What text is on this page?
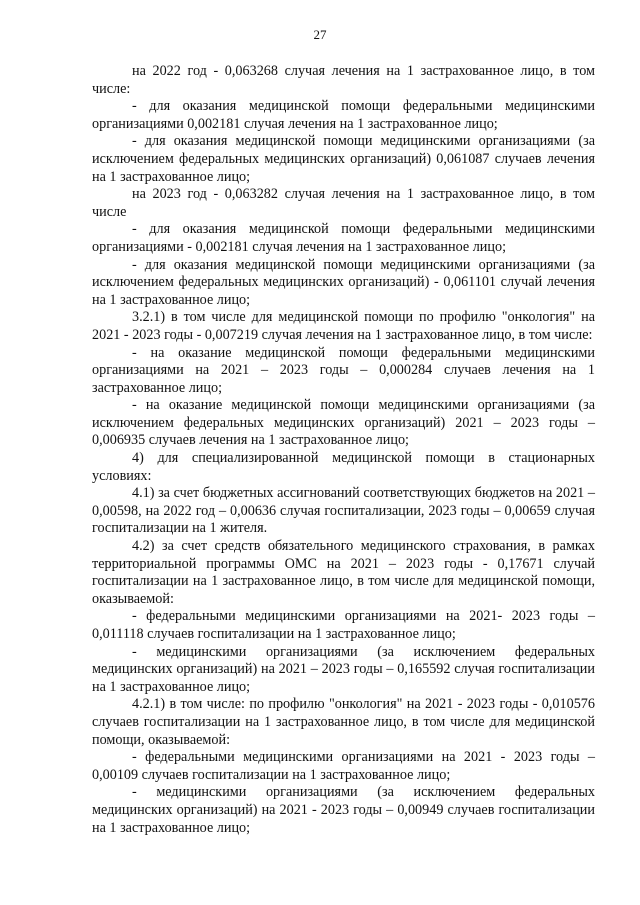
27

на 2022 год - 0,063268 случая лечения на 1 застрахованное лицо, в том числе:

- для оказания медицинской помощи федеральными медицинскими организациями 0,002181 случая лечения на 1 застрахованное лицо;

- для оказания медицинской помощи медицинскими организациями (за исключением федеральных медицинских организаций) 0,061087 случаев лечения на 1 застрахованное лицо;

на 2023 год - 0,063282 случая лечения на 1 застрахованное лицо, в том числе

- для оказания медицинской помощи федеральными медицинскими организациями - 0,002181 случая лечения на 1 застрахованное лицо;

- для оказания медицинской помощи медицинскими организациями (за исключением федеральных медицинских организаций) - 0,061101 случай лечения на 1 застрахованное лицо;

3.2.1) в том числе для медицинской помощи по профилю "онкология" на 2021 - 2023 годы - 0,007219 случая лечения на 1 застрахованное лицо, в том числе:

- на оказание медицинской помощи федеральными медицинскими организациями на 2021 – 2023 годы – 0,000284 случаев лечения на 1 застрахованное лицо;

- на оказание медицинской помощи медицинскими организациями (за исключением федеральных медицинских организаций) 2021 – 2023 годы – 0,006935 случаев лечения на 1 застрахованное лицо;

4) для специализированной медицинской помощи в стационарных условиях:

4.1) за счет бюджетных ассигнований соответствующих бюджетов на 2021 – 0,00598, на 2022 год – 0,00636 случая госпитализации, 2023 годы – 0,00659 случая госпитализации на 1 жителя.

4.2) за счет средств обязательного медицинского страхования, в рамках территориальной программы ОМС на 2021 – 2023 годы - 0,17671 случай госпитализации на 1 застрахованное лицо, в том числе для медицинской помощи, оказываемой:

- федеральными медицинскими организациями на 2021- 2023 годы – 0,011118 случаев госпитализации на 1 застрахованное лицо;

- медицинскими организациями (за исключением федеральных медицинских организаций) на 2021 – 2023 годы – 0,165592 случая госпитализации на 1 застрахованное лицо;

4.2.1) в том числе: по профилю "онкология" на 2021 - 2023 годы - 0,010576 случаев госпитализации на 1 застрахованное лицо, в том числе для медицинской помощи, оказываемой:

- федеральными медицинскими организациями на 2021 - 2023 годы – 0,00109 случаев госпитализации на 1 застрахованное лицо;

- медицинскими организациями (за исключением федеральных медицинских организаций) на 2021 - 2023 годы – 0,00949 случаев госпитализации на 1 застрахованное лицо;
